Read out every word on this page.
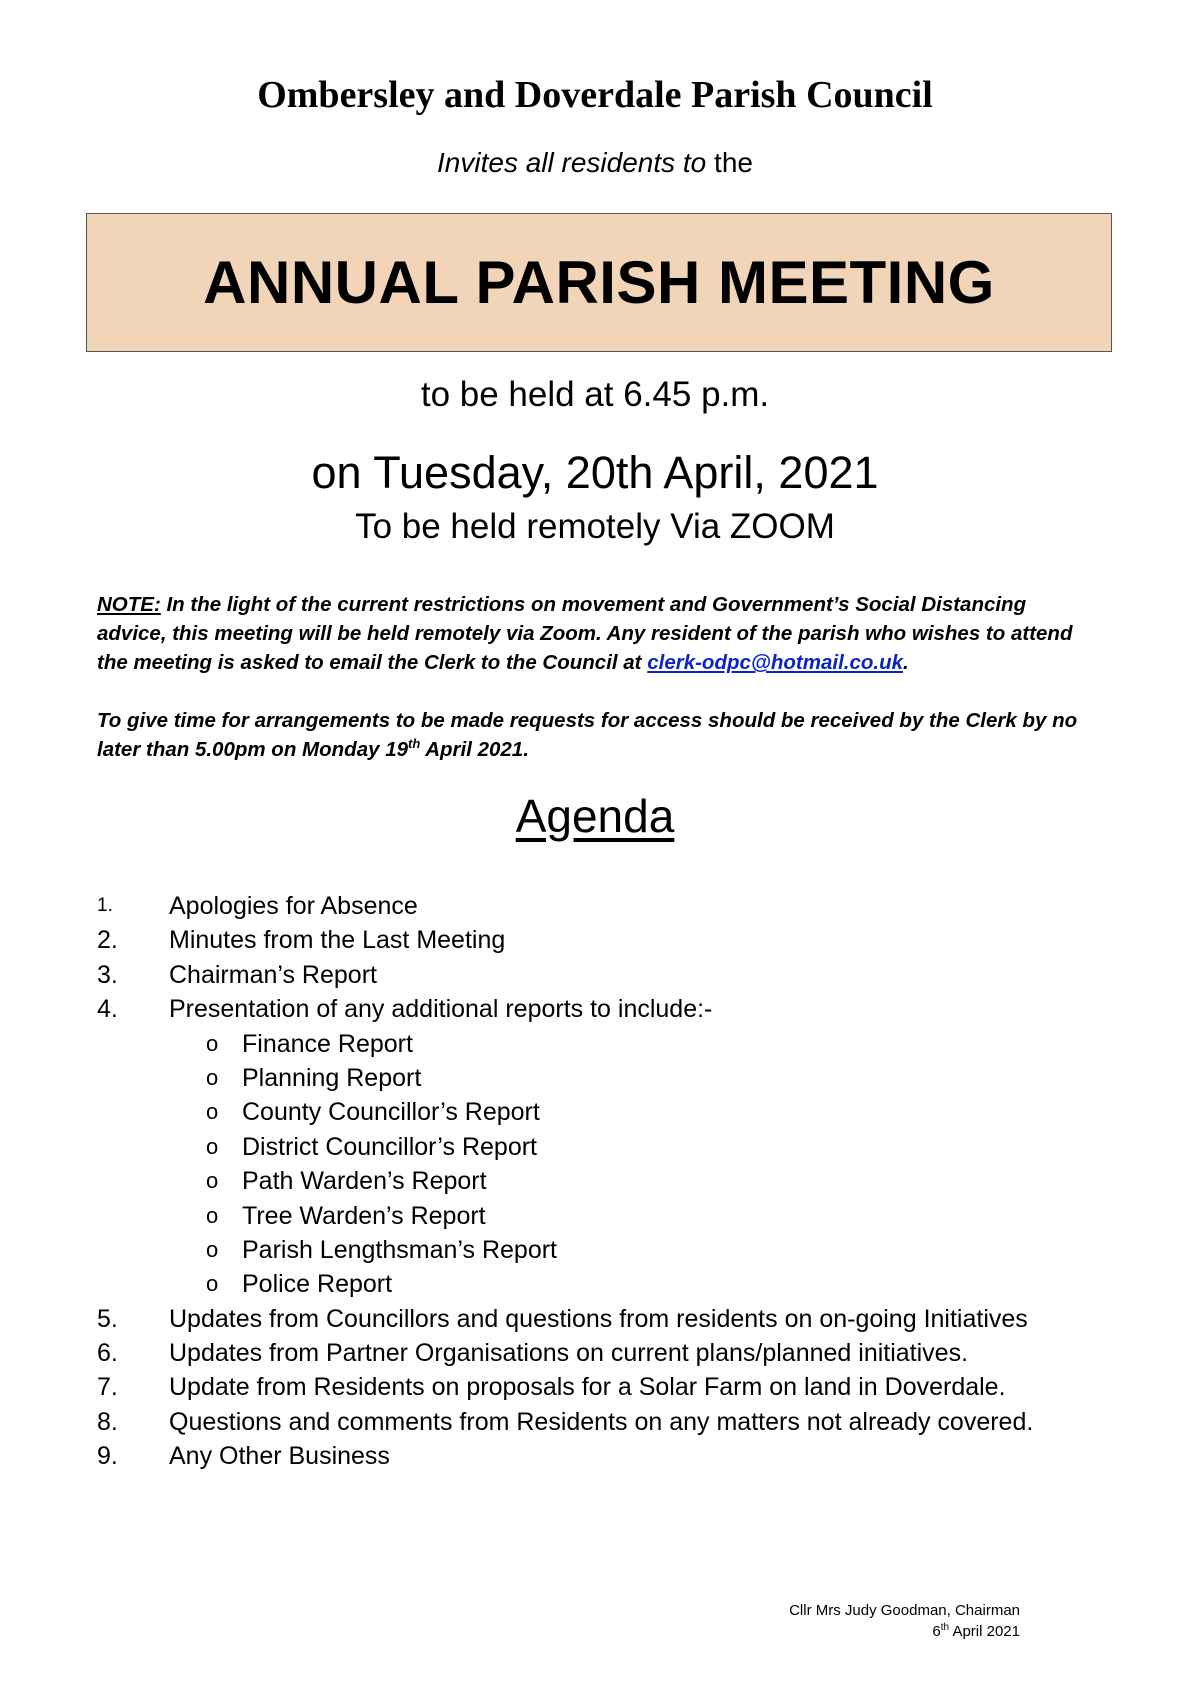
Ombersley and Doverdale Parish Council
Invites all residents to the
ANNUAL PARISH MEETING
to be held at 6.45 p.m.
on Tuesday, 20th April, 2021
To be held remotely Via ZOOM

NOTE: In the light of the current restrictions on movement and Government’s Social Distancing advice, this meeting will be held remotely via Zoom. Any resident of the parish who wishes to attend the meeting is asked to email the Clerk to the Council at clerk-odpc@hotmail.co.uk.

To give time for arrangements to be made requests for access should be received by the Clerk by no later than 5.00pm on Monday 19th April 2021.

Agenda
1.	Apologies for Absence
2.	Minutes from the Last Meeting
3.	Chairman’s Report
4.	Presentation of any additional reports to include:-
o Finance Report
o Planning Report
o County Councillor’s Report
o District Councillor’s Report
o Path Warden’s Report
o Tree Warden’s Report
o Parish Lengthsman’s Report
o Police Report
5.	Updates from Councillors and questions from residents on on-going Initiatives
6.	Updates from Partner Organisations on current plans/planned initiatives.
7.	Update from Residents on proposals for a Solar Farm on land in Doverdale.
8.	Questions and comments from Residents on any matters not already covered.
9.	Any Other Business
Cllr Mrs Judy Goodman, Chairman
6th April 2021
